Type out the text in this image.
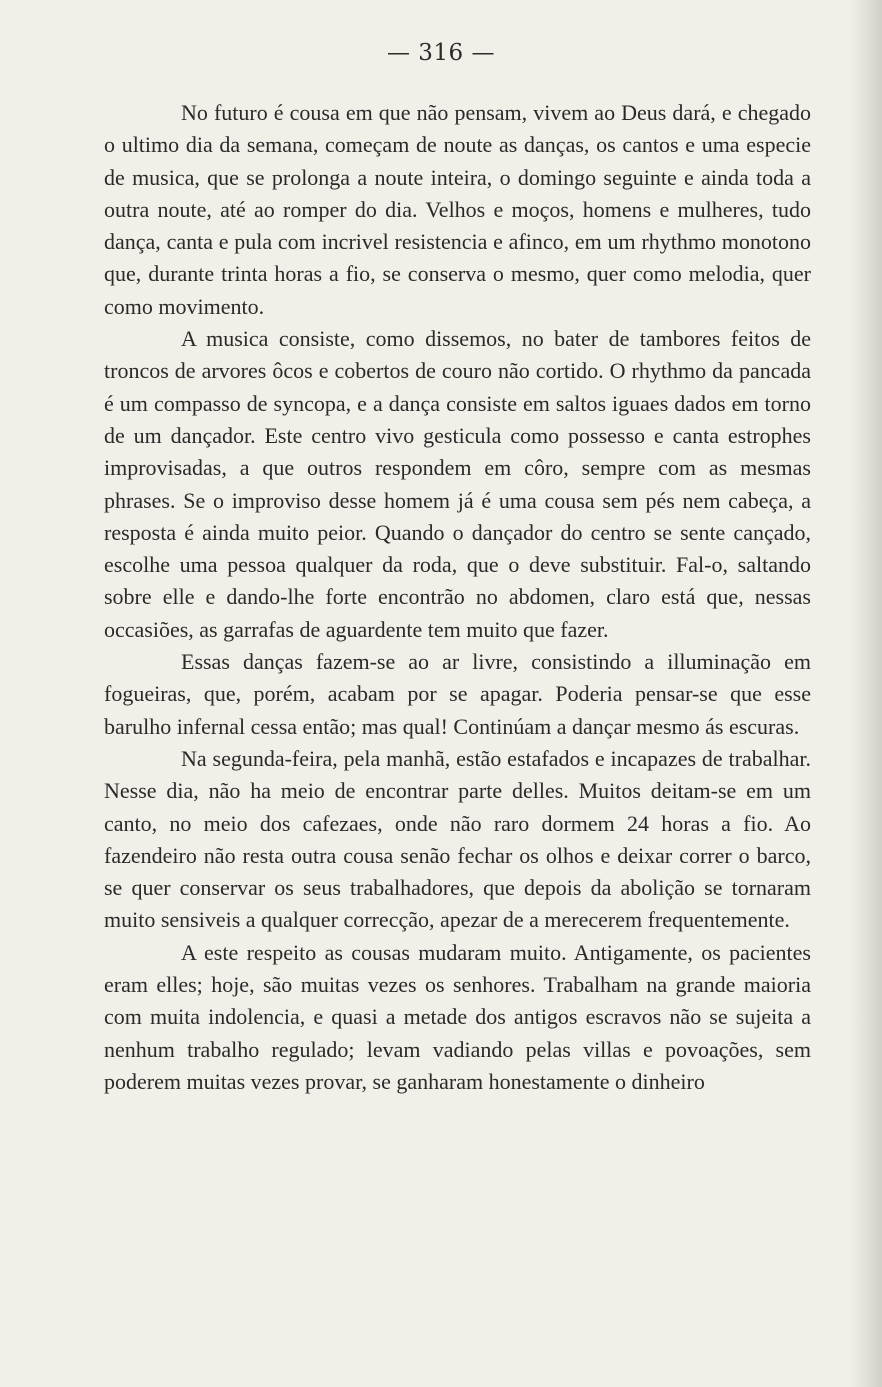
— 316 —

No futuro é cousa em que não pensam, vivem ao Deus dará, e chegado o ultimo dia da semana, começam de noute as danças, os cantos e uma especie de musica, que se prolonga a noute inteira, o domingo seguinte e ainda toda a outra noute, até ao romper do dia. Velhos e moços, homens e mulheres, tudo dança, canta e pula com incrivel resistencia e afinco, em um rhythmo monotono que, durante trinta horas a fio, se conserva o mesmo, quer como melodia, quer como movimento.

A musica consiste, como dissemos, no bater de tambores feitos de troncos de arvores ôcos e cobertos de couro não cortido. O rhythmo da pancada é um compasso de syncopa, e a dança consiste em saltos iguaes dados em torno de um dançador. Este centro vivo gesticula como possesso e canta estrophes improvisadas, a que outros respondem em côro, sempre com as mesmas phrases. Se o improviso desse homem já é uma cousa sem pés nem cabeça, a resposta é ainda muito peior. Quando o dançador do centro se sente cançado, escolhe uma pessoa qualquer da roda, que o deve substituir. Fal-o, saltando sobre elle e dando-lhe forte encontrão no abdomen, claro está que, nessas occasiões, as garrafas de aguardente tem muito que fazer.

Essas danças fazem-se ao ar livre, consistindo a illuminação em fogueiras, que, porém, acabam por se apagar. Poderia pensar-se que esse barulho infernal cessa então; mas qual! Continúam a dançar mesmo ás escuras.

Na segunda-feira, pela manhã, estão estafados e incapazes de trabalhar. Nesse dia, não ha meio de encontrar parte delles. Muitos deitam-se em um canto, no meio dos cafezaes, onde não raro dormem 24 horas a fio. Ao fazendeiro não resta outra cousa senão fechar os olhos e deixar correr o barco, se quer conservar os seus trabalhadores, que depois da abolição se tornaram muito sensiveis a qualquer correcção, apezar de a merecerem frequentemente.

A este respeito as cousas mudaram muito. Antigamente, os pacientes eram elles; hoje, são muitas vezes os senhores. Trabalham na grande maioria com muita indolencia, e quasi a metade dos antigos escravos não se sujeita a nenhum trabalho regulado; levam vadiando pelas villas e povoações, sem poderem muitas vezes provar, se ganharam honestamente o dinheiro
